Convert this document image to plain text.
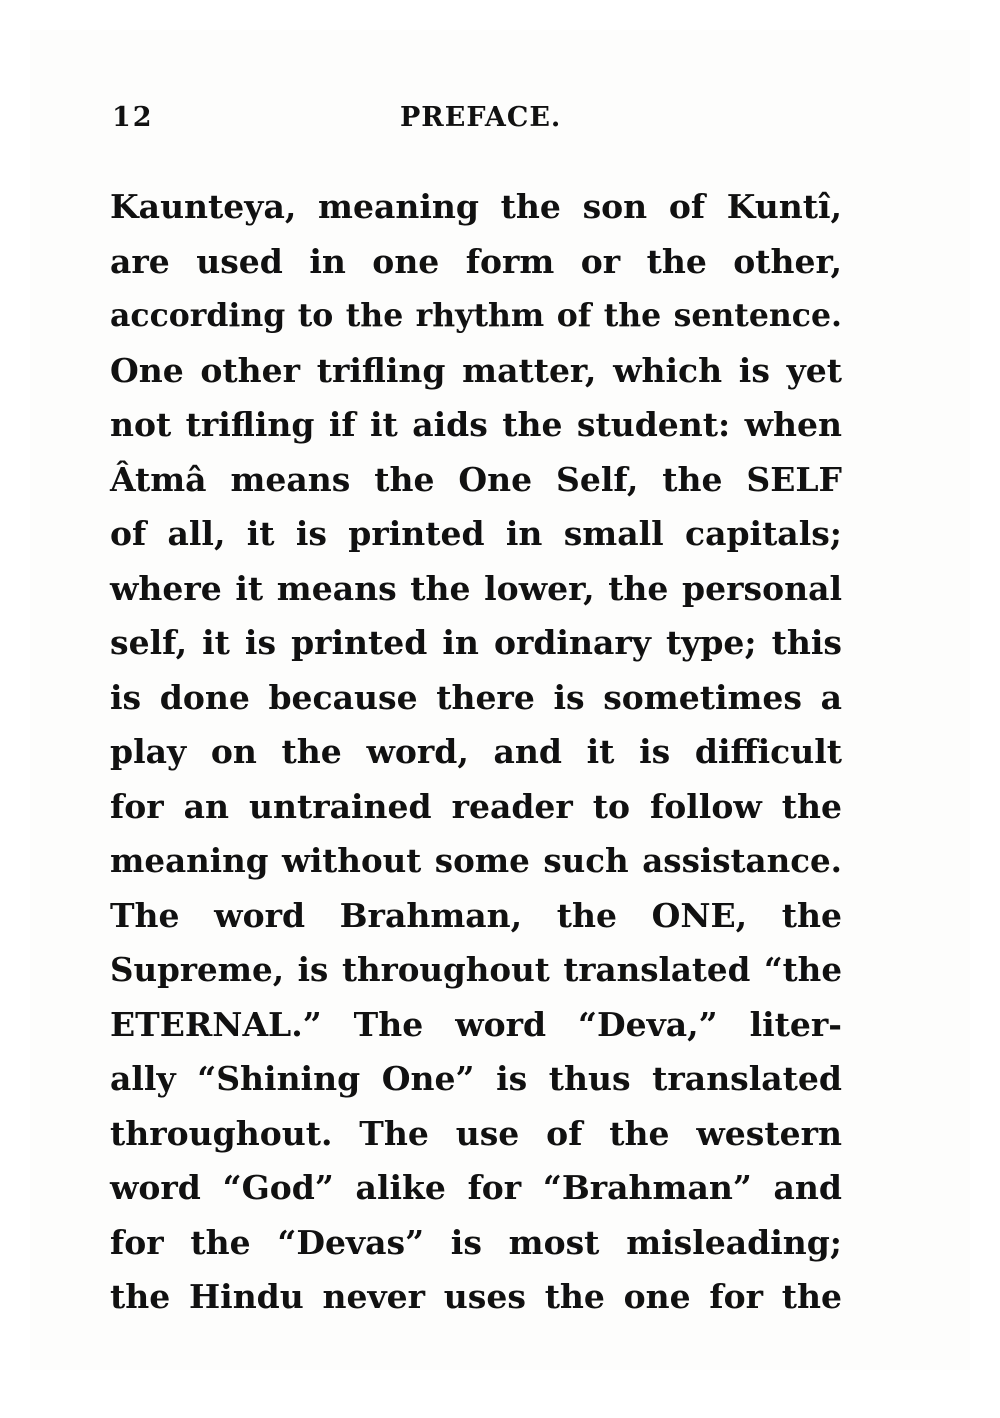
12	PREFACE.
Kaunteya, meaning the son of Kuntî,
are used in one form or the other,
according to the rhythm of the sentence.
One other trifling matter, which is yet
not trifling if it aids the student: when
Âtmâ means the One Self, the SELF
of all, it is printed in small capitals;
where it means the lower, the personal
self, it is printed in ordinary type; this
is done because there is sometimes a
play on the word, and it is difficult
for an untrained reader to follow the
meaning without some such assistance.
The word Brahman, the ONE, the
Supreme, is throughout translated “the
ETERNAL.” The word “Deva,” liter-
ally “Shining One” is thus translated
throughout. The use of the western
word “God” alike for “Brahman” and
for the “Devas” is most misleading;
the Hindu never uses the one for the
